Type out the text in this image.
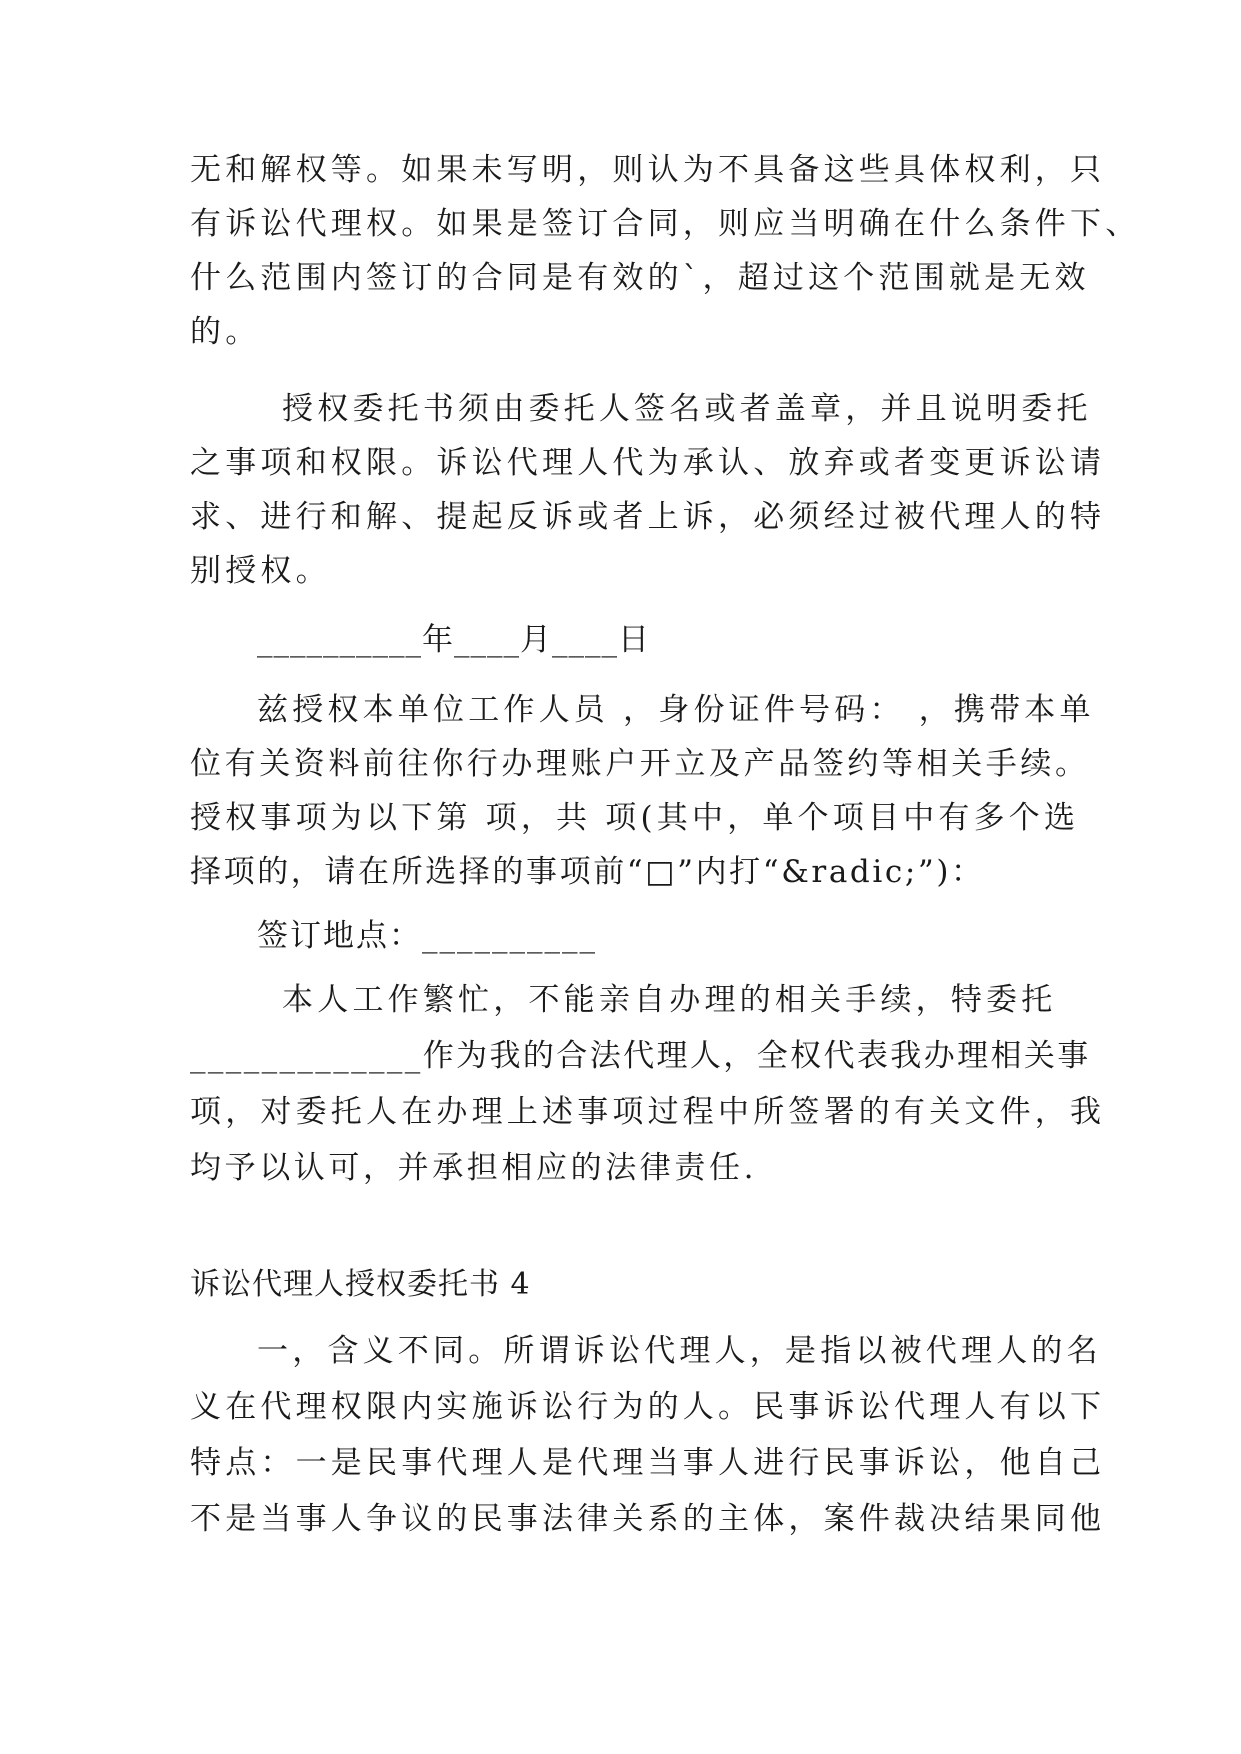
无和解权等。如果未写明，则认为不具备这些具体权利，只
有诉讼代理权。如果是签订合同，则应当明确在什么条件下、
什么范围内签订的合同是有效的`，超过这个范围就是无效
的。
授权委托书须由委托人签名或者盖章，并且说明委托
之事项和权限。诉讼代理人代为承认、放弃或者变更诉讼请
求、进行和解、提起反诉或者上诉，必须经过被代理人的特
别授权。
__________年____月____日
兹授权本单位工作人员 ，身份证件号码： ，携带本单
位有关资料前往你行办理账户开立及产品签约等相关手续。
授权事项为以下第 项，共 项(其中，单个项目中有多个选
择项的，请在所选择的事项前“□”内打“&radic;”)：
签订地点：__________
本人工作繁忙，不能亲自办理的相关手续，特委托
_____________作为我的合法代理人，全权代表我办理相关事
项，对委托人在办理上述事项过程中所签署的有关文件，我
均予以认可，并承担相应的法律责任.
诉讼代理人授权委托书 4
一，含义不同。所谓诉讼代理人，是指以被代理人的名
义在代理权限内实施诉讼行为的人。民事诉讼代理人有以下
特点：一是民事代理人是代理当事人进行民事诉讼，他自己
不是当事人争议的民事法律关系的主体，案件裁决结果同他
